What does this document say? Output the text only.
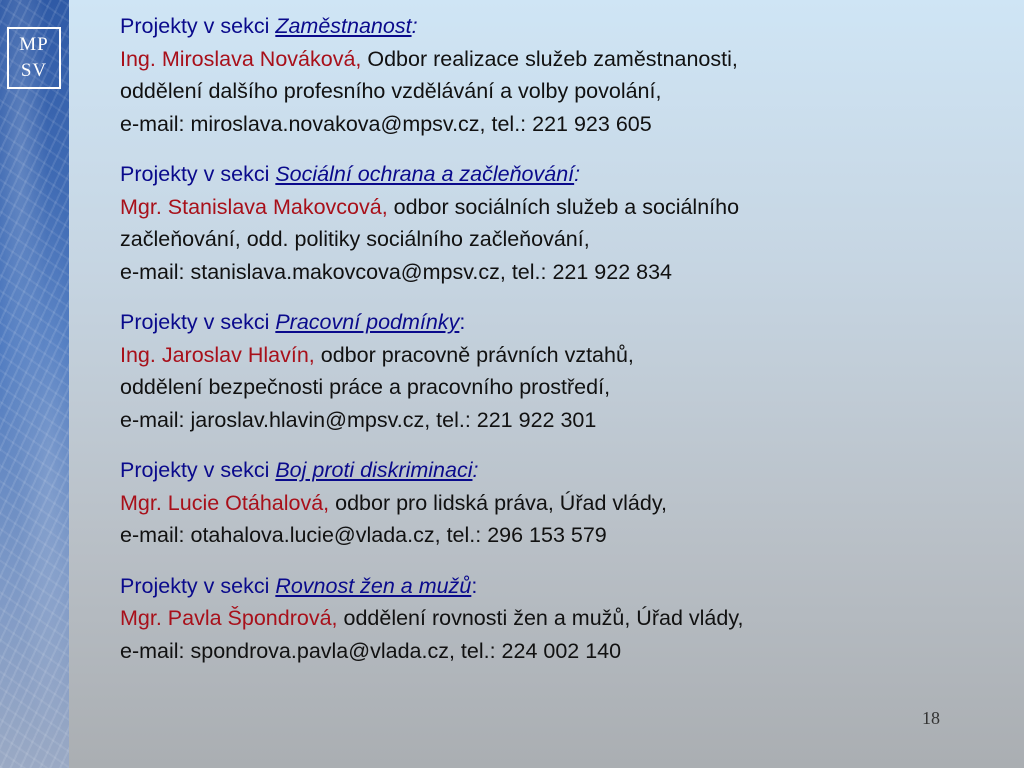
MP
SV
Projekty v sekci Zaměstnanost:
Ing. Miroslava Nováková, Odbor realizace služeb zaměstnanosti,
oddělení dalšího profesního vzdělávání a volby povolání,
e-mail: miroslava.novakova@mpsv.cz, tel.: 221 923 605
Projekty v sekci Sociální ochrana a začleňování:
Mgr. Stanislava Makovcová, odbor sociálních služeb a sociálního
začleňování, odd. politiky sociálního začleňování,
e-mail: stanislava.makovcova@mpsv.cz, tel.: 221 922 834
Projekty v sekci Pracovní podmínky:
Ing. Jaroslav Hlavín, odbor pracovně právních vztahů,
oddělení bezpečnosti práce a pracovního prostředí,
e-mail: jaroslav.hlavin@mpsv.cz, tel.: 221 922 301
Projekty v sekci Boj proti diskriminaci:
Mgr. Lucie Otáhalová, odbor pro lidská práva, Úřad vlády,
e-mail: otahalova.lucie@vlada.cz, tel.: 296 153 579
Projekty v sekci Rovnost žen a mužů:
Mgr. Pavla Špondrová, oddělení rovnosti žen a mužů, Úřad vlády,
e-mail: spondrova.pavla@vlada.cz, tel.: 224 002 140
18
